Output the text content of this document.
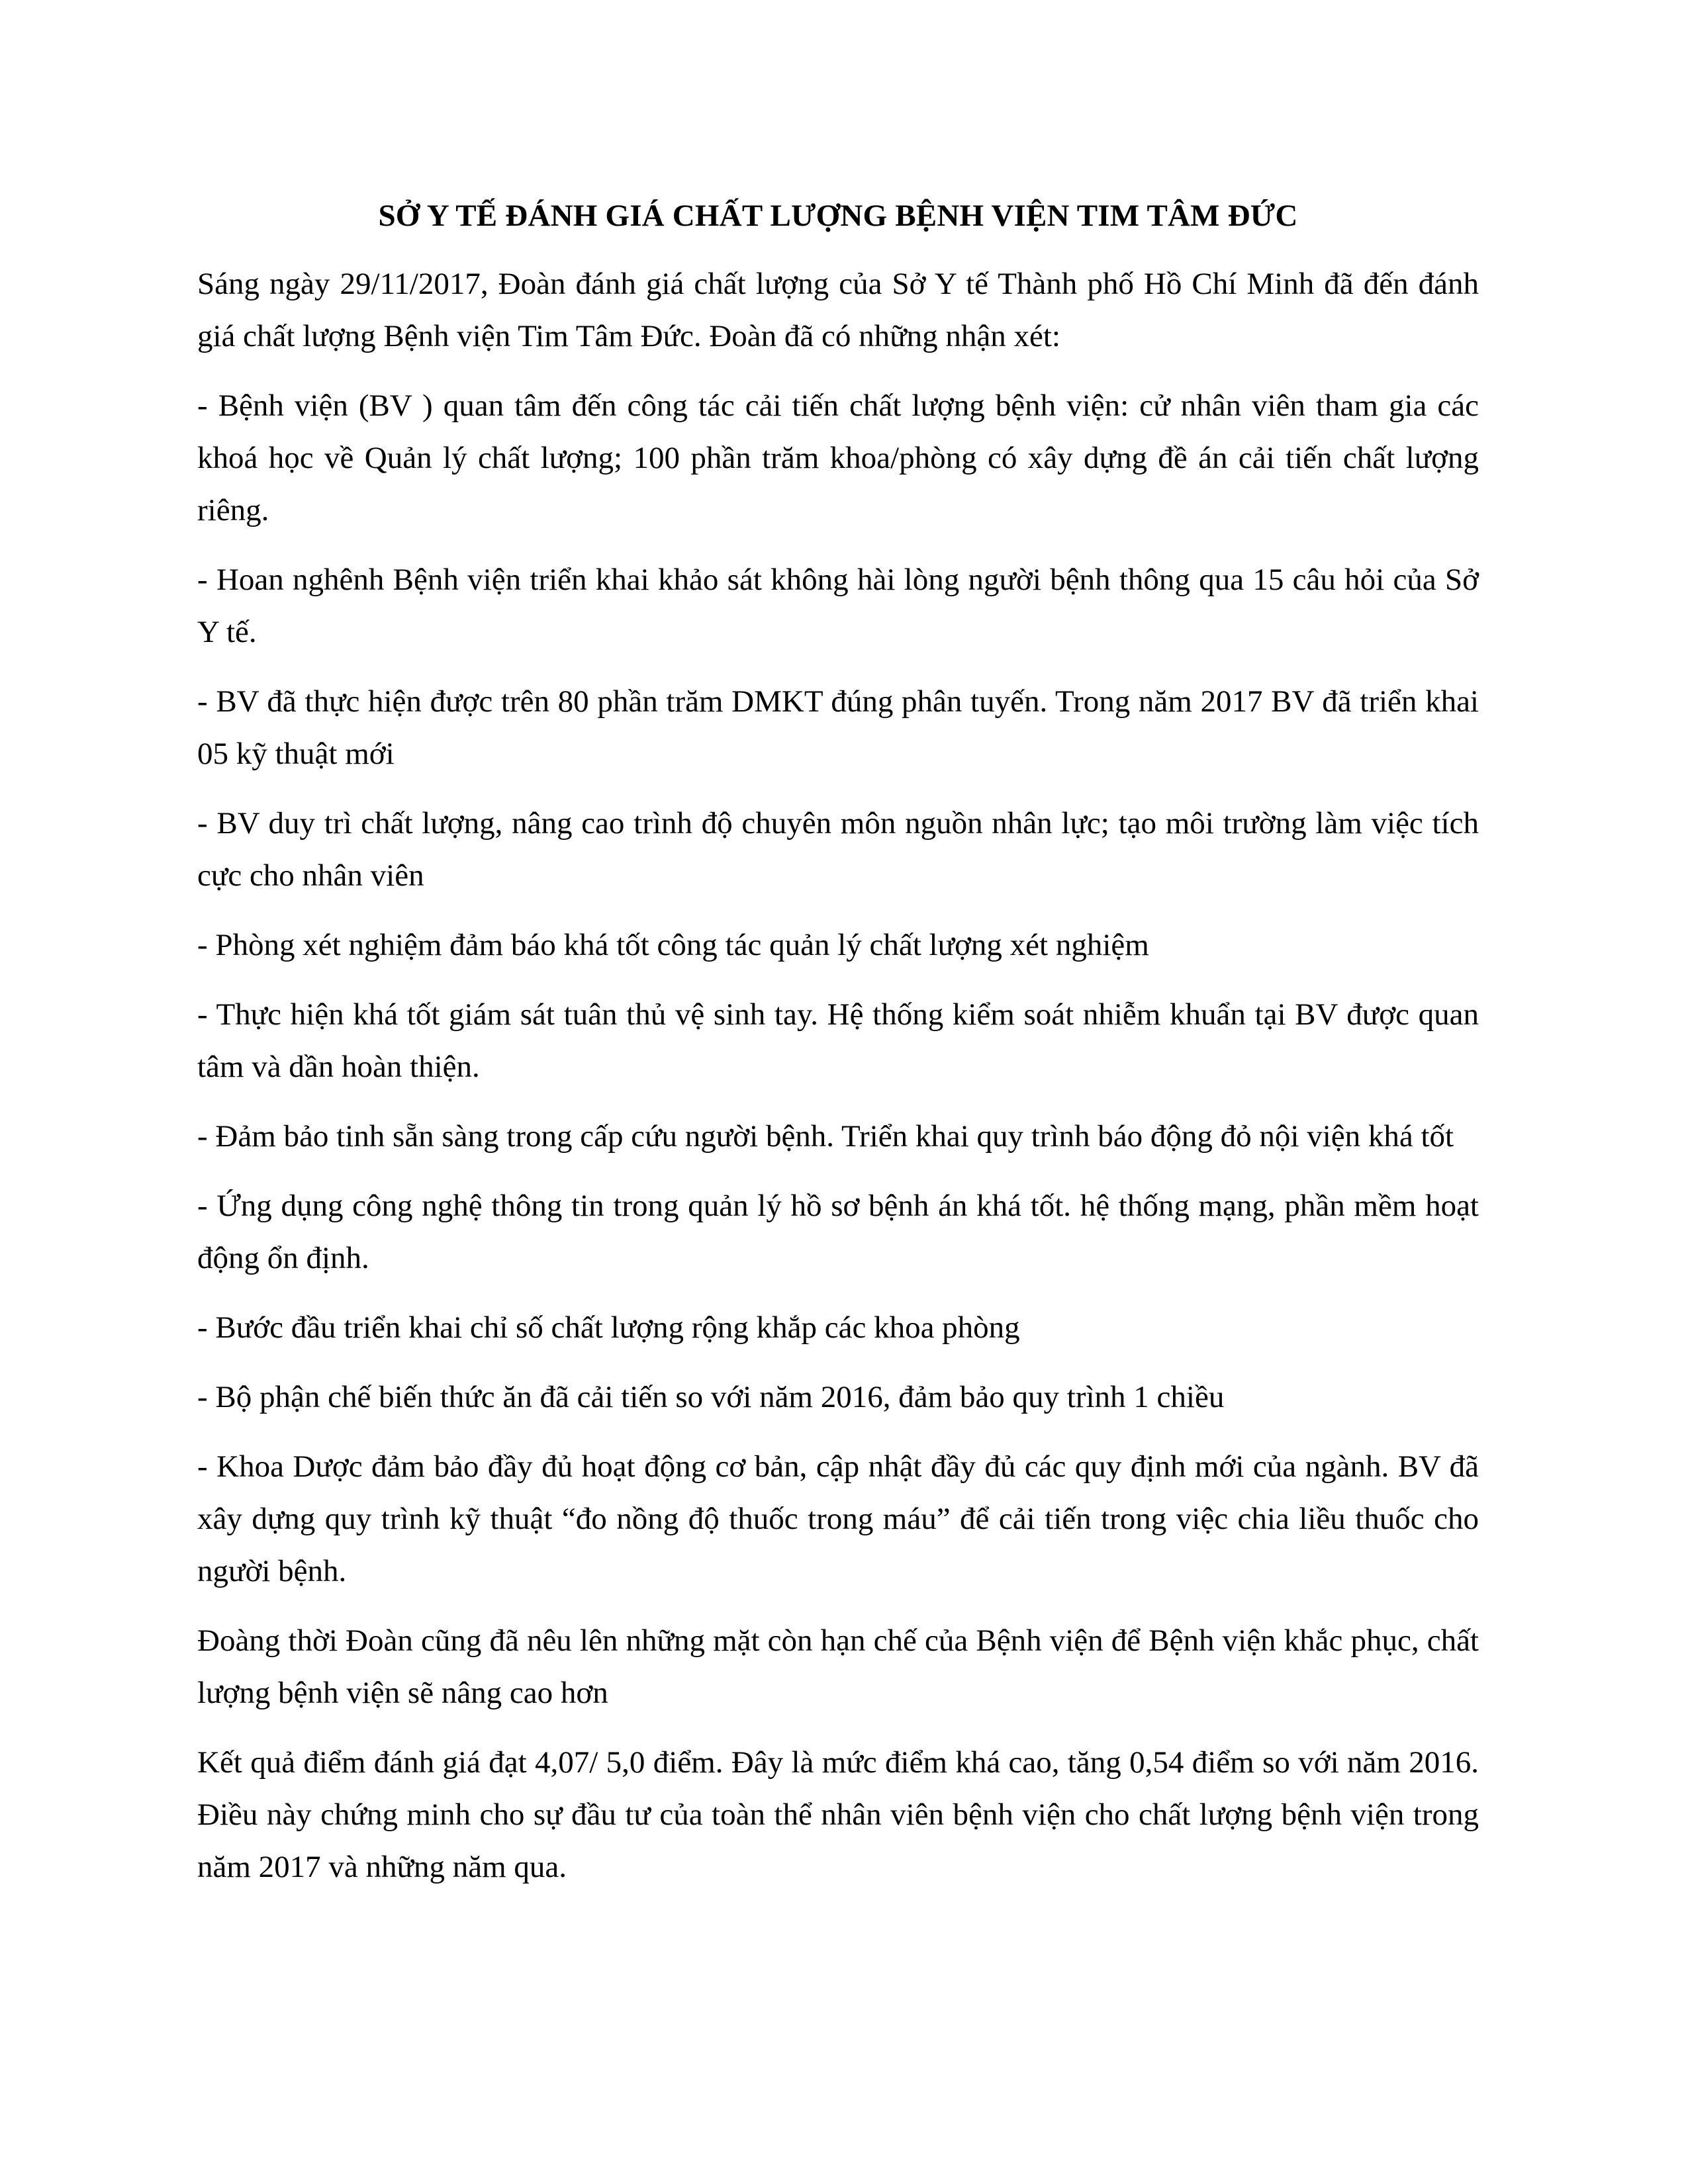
SỞ Y TẾ ĐÁNH GIÁ CHẤT LƯỢNG BỆNH VIỆN TIM TÂM ĐỨC

Sáng ngày 29/11/2017, Đoàn đánh giá chất lượng của Sở Y tế Thành phố Hồ Chí Minh đã đến đánh giá chất lượng Bệnh viện Tim Tâm Đức. Đoàn đã có những nhận xét:

- Bệnh viện (BV ) quan tâm đến công tác cải tiến chất lượng bệnh viện: cử nhân viên tham gia các khoá học về Quản lý chất lượng; 100 phần trăm khoa/phòng có xây dựng đề án cải tiến chất lượng riêng.

- Hoan nghênh Bệnh viện triển khai khảo sát không hài lòng người bệnh thông qua 15 câu hỏi của Sở Y tế.

- BV đã thực hiện được trên 80 phần trăm DMKT đúng phân tuyến. Trong năm 2017 BV đã triển khai 05 kỹ thuật mới

- BV duy trì chất lượng, nâng cao trình độ chuyên môn nguồn nhân lực; tạo môi trường làm việc tích cực cho nhân viên

- Phòng xét nghiệm đảm báo khá tốt công tác quản lý chất lượng xét nghiệm

- Thực hiện khá tốt giám sát tuân thủ vệ sinh tay. Hệ thống kiểm soát nhiễm khuẩn tại BV được quan tâm và dần hoàn thiện.

- Đảm bảo tinh sẵn sàng trong cấp cứu người bệnh. Triển khai quy trình báo động đỏ nội viện khá tốt

- Ứng dụng công nghệ thông tin trong quản lý hồ sơ bệnh án khá tốt. hệ thống mạng, phần mềm hoạt động ổn định.

- Bước đầu triển khai chỉ số chất lượng rộng khắp các khoa phòng

- Bộ phận chế biến thức ăn đã cải tiến so với năm 2016, đảm bảo quy trình 1 chiều

- Khoa Dược đảm bảo đầy đủ hoạt động cơ bản, cập nhật đầy đủ các quy định mới của ngành. BV đã xây dựng quy trình kỹ thuật “đo nồng độ thuốc trong máu” để cải tiến trong việc chia liều thuốc cho người bệnh.

Đoàng thời Đoàn cũng đã nêu lên những mặt còn hạn chế của Bệnh viện để Bệnh viện khắc phục, chất lượng bệnh viện sẽ nâng cao hơn

Kết quả điểm đánh giá đạt 4,07/ 5,0 điểm. Đây là mức điểm khá cao, tăng 0,54 điểm so với năm 2016. Điều này chứng minh cho sự đầu tư của toàn thể nhân viên bệnh viện cho chất lượng bệnh viện trong năm 2017 và những năm qua.
